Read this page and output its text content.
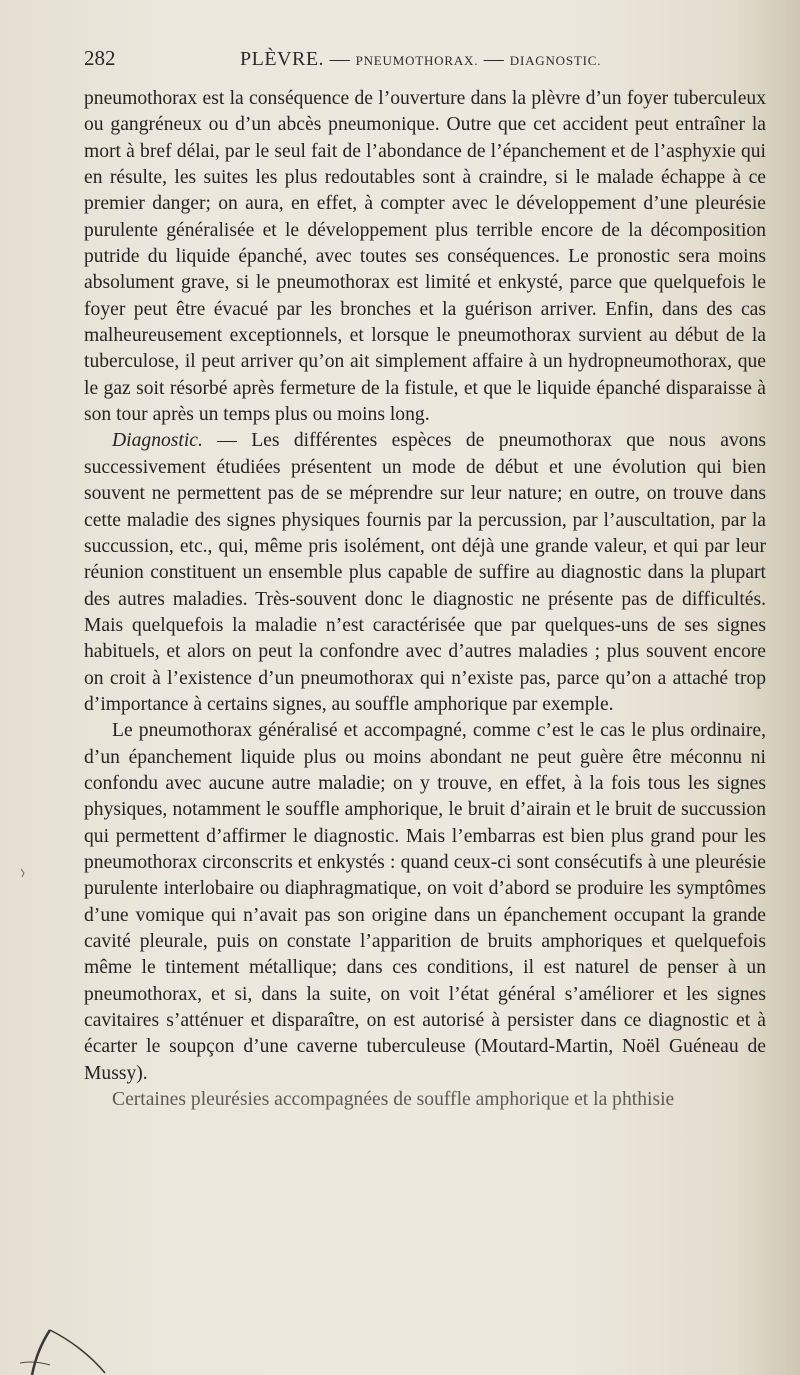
282	PLÈVRE. — PNEUMOTHORAX. — DIAGNOSTIC.

pneumothorax est la conséquence de l’ouverture dans la plèvre d’un foyer tuberculeux ou gangréneux ou d’un abcès pneumonique. Outre que cet accident peut entraîner la mort à bref délai, par le seul fait de l’abondance de l’épanchement et de l’asphyxie qui en résulte, les suites les plus redoutables sont à craindre, si le malade échappe à ce premier danger; on aura, en effet, à compter avec le développement d’une pleurésie purulente généralisée et le développement plus terrible encore de la décomposition putride du liquide épanché, avec toutes ses conséquences. Le pronostic sera moins absolument grave, si le pneumothorax est limité et enkysté, parce que quelquefois le foyer peut être évacué par les bronches et la guérison arriver. Enfin, dans des cas malheureusement exceptionnels, et lorsque le pneumothorax survient au début de la tuberculose, il peut arriver qu’on ait simplement affaire à un hydropneumothorax, que le gaz soit résorbé après fermeture de la fistule, et que le liquide épanché disparaisse à son tour après un temps plus ou moins long.

Diagnostic. — Les différentes espèces de pneumothorax que nous avons successivement étudiées présentent un mode de début et une évolution qui bien souvent ne permettent pas de se méprendre sur leur nature; en outre, on trouve dans cette maladie des signes physiques fournis par la percussion, par l’auscultation, par la succussion, etc., qui, même pris isolément, ont déjà une grande valeur, et qui par leur réunion constituent un ensemble plus capable de suffire au diagnostic dans la plupart des autres maladies. Très-souvent donc le diagnostic ne présente pas de difficultés. Mais quelquefois la maladie n’est caractérisée que par quelques-uns de ses signes habituels, et alors on peut la confondre avec d’autres maladies ; plus souvent encore on croit à l’existence d’un pneumothorax qui n’existe pas, parce qu’on a attaché trop d’importance à certains signes, au souffle amphorique par exemple.

Le pneumothorax généralisé et accompagné, comme c’est le cas le plus ordinaire, d’un épanchement liquide plus ou moins abondant ne peut guère être méconnu ni confondu avec aucune autre maladie; on y trouve, en effet, à la fois tous les signes physiques, notamment le souffle amphorique, le bruit d’airain et le bruit de succussion qui permettent d’affirmer le diagnostic. Mais l’embarras est bien plus grand pour les pneumothorax circonscrits et enkystés : quand ceux-ci sont consécutifs à une pleurésie purulente interlobaire ou diaphragmatique, on voit d’abord se produire les symptômes d’une vomique qui n’avait pas son origine dans un épanchement occupant la grande cavité pleurale, puis on constate l’apparition de bruits amphoriques et quelquefois même le tintement métallique; dans ces conditions, il est naturel de penser à un pneumothorax, et si, dans la suite, on voit l’état général s’améliorer et les signes cavitaires s’atténuer et disparaître, on est autorisé à persister dans ce diagnostic et à écarter le soupçon d’une caverne tuberculeuse (Moutard-Martin, Noël Guéneau de Mussy).

Certaines pleurésies accompagnées de souffle amphorique et la phthisie
